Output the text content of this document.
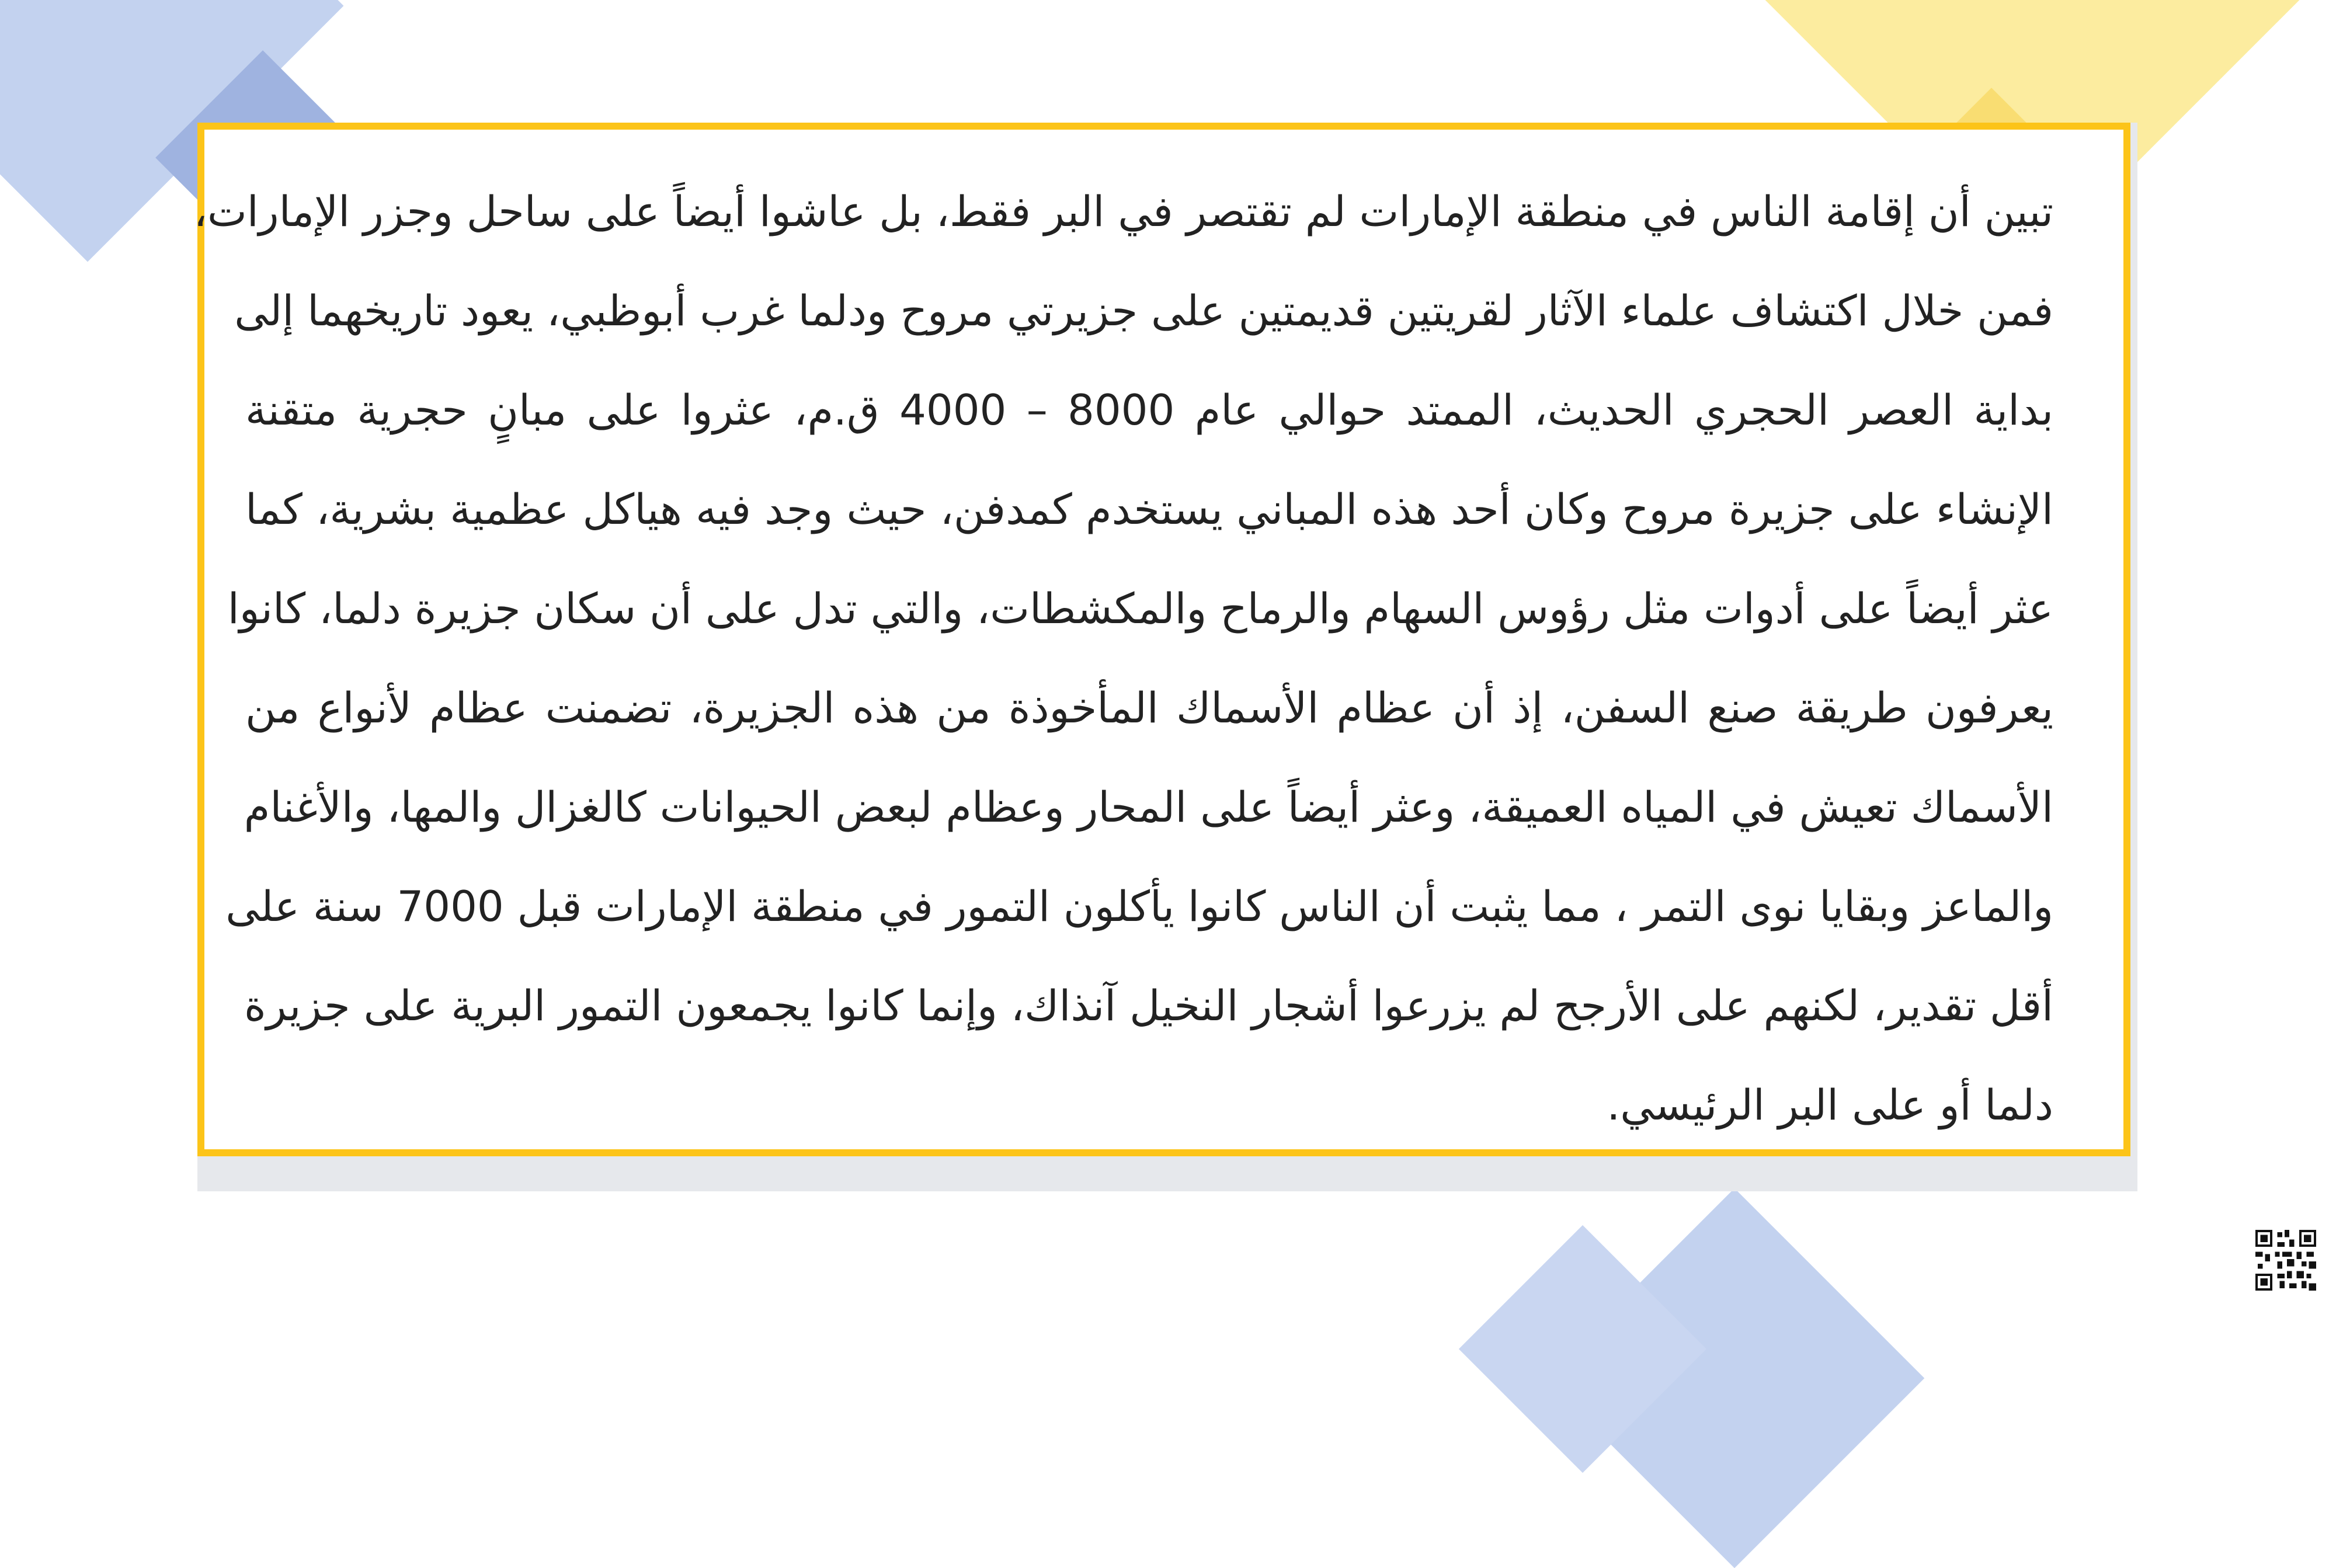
تبين أن إقامة الناس في منطقة الإمارات لم تقتصر في البر فقط، بل عاشوا أيضاً على ساحل وجزر الإمارات،
فمن خلال اكتشاف علماء الآثار لقريتين قديمتين على جزيرتي مروح ودلما غرب أبوظبي، يعود تاريخهما إلى
بداية العصر الحجري الحديث، الممتد حوالي عام 8000 – 4000 ق.م، عثروا على مبانٍ حجرية متقنة
الإنشاء على جزيرة مروح وكان أحد هذه المباني يستخدم كمدفن، حيث وجد فيه هياكل عظمية بشرية، كما
عثر أيضاً على أدوات مثل رؤوس السهام والرماح والمكشطات، والتي تدل على أن سكان جزيرة دلما، كانوا
يعرفون طريقة صنع السفن، إذ أن عظام الأسماك المأخوذة من هذه الجزيرة، تضمنت عظام لأنواع من
الأسماك تعيش في المياه العميقة، وعثر أيضاً على المحار وعظام لبعض الحيوانات كالغزال والمها، والأغنام
والماعز وبقايا نوى التمر ، مما يثبت أن الناس كانوا يأكلون التمور في منطقة الإمارات قبل 7000 سنة على
أقل تقدير، لكنهم على الأرجح لم يزرعوا أشجار النخيل آنذاك، وإنما كانوا يجمعون التمور البرية على جزيرة
دلما أو على البر الرئيسي.
